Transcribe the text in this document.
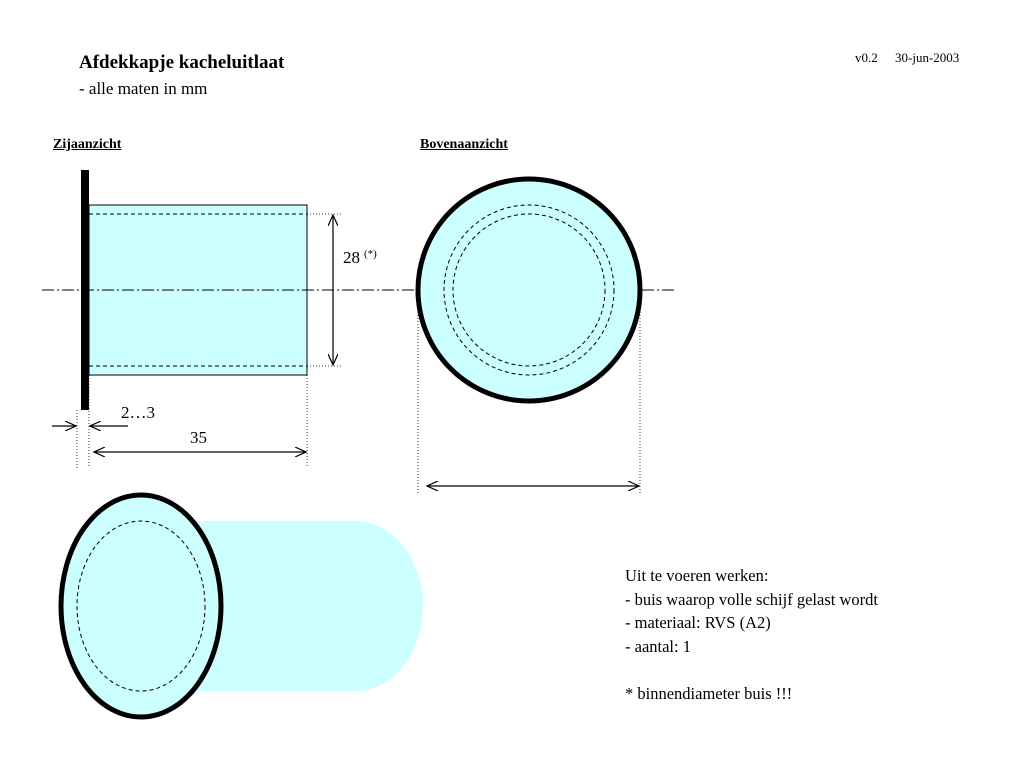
Afdekkapje kacheluitlaat
- alle maten in mm
v0.2 30-jun-2003
Zijaanzicht	Bovenaanzicht
28 (*)
2…3
35
Uit te voeren werken:
- buis waarop volle schijf gelast wordt
- materiaal: RVS (A2)
- aantal: 1
* binnendiameter buis !!!
